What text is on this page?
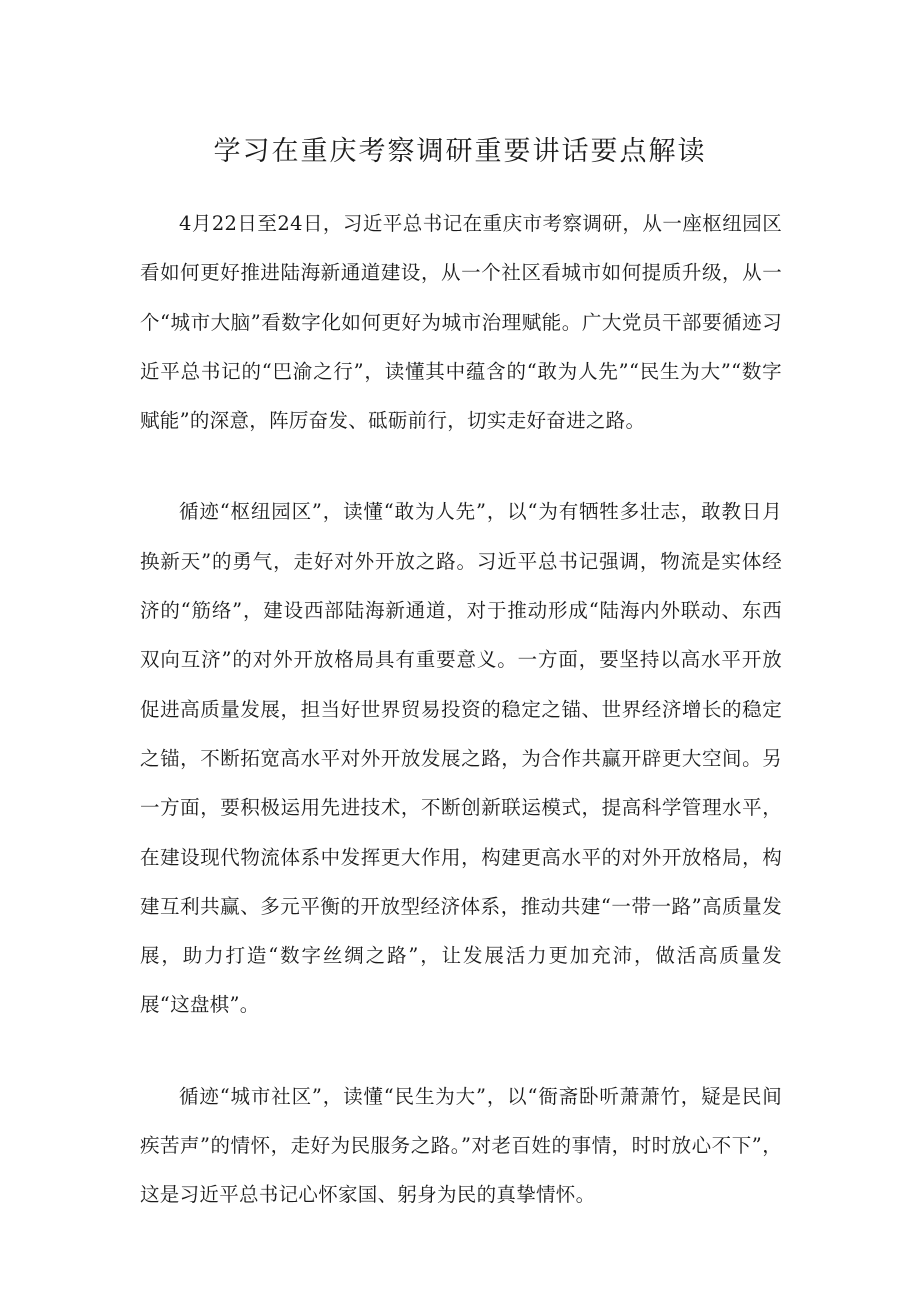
学习在重庆考察调研重要讲话要点解读

4月22日至24日，习近平总书记在重庆市考察调研，从一座枢纽园区看如何更好推进陆海新通道建设，从一个社区看城市如何提质升级，从一个“城市大脑”看数字化如何更好为城市治理赋能。广大党员干部要循迹习近平总书记的“巴渝之行”，读懂其中蕴含的“敢为人先”“民生为大”“数字赋能”的深意，阵厉奋发、砥砺前行，切实走好奋进之路。

循迹“枢纽园区”，读懂“敢为人先”，以“为有牺牲多壮志，敢教日月换新天”的勇气，走好对外开放之路。习近平总书记强调，物流是实体经济的“筋络”，建设西部陆海新通道，对于推动形成“陆海内外联动、东西双向互济”的对外开放格局具有重要意义。一方面，要坚持以高水平开放促进高质量发展，担当好世界贸易投资的稳定之锚、世界经济增长的稳定之锚，不断拓宽高水平对外开放发展之路，为合作共赢开辟更大空间。另一方面，要积极运用先进技术，不断创新联运模式，提高科学管理水平，在建设现代物流体系中发挥更大作用，构建更高水平的对外开放格局，构建互利共赢、多元平衡的开放型经济体系，推动共建“一带一路”高质量发展，助力打造“数字丝绸之路”，让发展活力更加充沛，做活高质量发展“这盘棋”。

循迹“城市社区”，读懂“民生为大”，以“衙斋卧听萧萧竹，疑是民间疾苦声”的情怀，走好为民服务之路。”对老百姓的事情，时时放心不下”，这是习近平总书记心怀家国、躬身为民的真挚情怀。
